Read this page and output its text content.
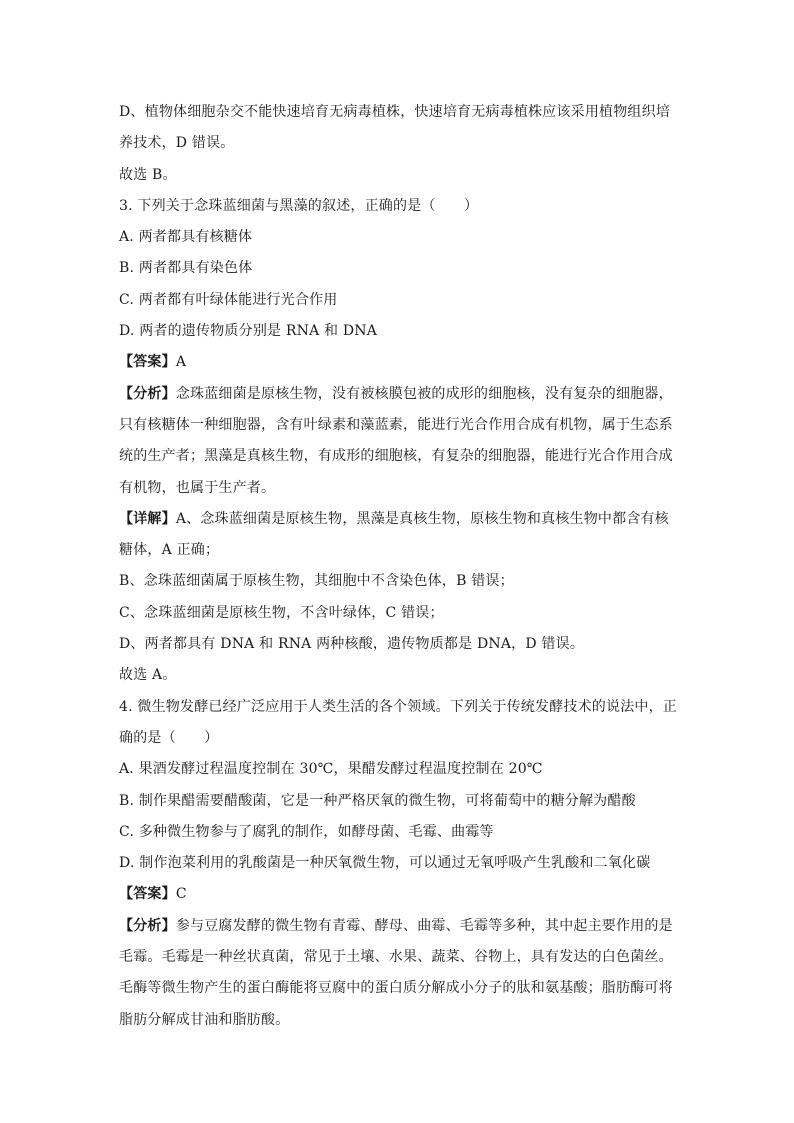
D、植物体细胞杂交不能快速培育无病毒植株，快速培育无病毒植株应该采用植物组织培
养技术，D 错误。
故选 B。
3. 下列关于念珠蓝细菌与黑藻的叙述，正确的是（　　）
A. 两者都具有核糖体
B. 两者都具有染色体
C. 两者都有叶绿体能进行光合作用
D. 两者的遗传物质分别是 RNA 和 DNA
【答案】A
【分析】念珠蓝细菌是原核生物，没有被核膜包被的成形的细胞核，没有复杂的细胞器，
只有核糖体一种细胞器，含有叶绿素和藻蓝素，能进行光合作用合成有机物，属于生态系
统的生产者；黑藻是真核生物，有成形的细胞核，有复杂的细胞器，能进行光合作用合成
有机物，也属于生产者。
【详解】A、念珠蓝细菌是原核生物，黑藻是真核生物，原核生物和真核生物中都含有核
糖体，A 正确；
B、念珠蓝细菌属于原核生物，其细胞中不含染色体，B 错误；
C、念珠蓝细菌是原核生物，不含叶绿体，C 错误；
D、两者都具有 DNA 和 RNA 两种核酸，遗传物质都是 DNA，D 错误。
故选 A。
4. 微生物发酵已经广泛应用于人类生活的各个领域。下列关于传统发酵技术的说法中，正
确的是（　　）
A. 果酒发酵过程温度控制在 30℃，果醋发酵过程温度控制在 20℃
B. 制作果醋需要醋酸菌，它是一种严格厌氧的微生物，可将葡萄中的糖分解为醋酸
C. 多种微生物参与了腐乳的制作，如酵母菌、毛霉、曲霉等
D. 制作泡菜利用的乳酸菌是一种厌氧微生物，可以通过无氧呼吸产生乳酸和二氧化碳
【答案】C
【分析】参与豆腐发酵的微生物有青霉、酵母、曲霉、毛霉等多种，其中起主要作用的是
毛霉。毛霉是一种丝状真菌，常见于土壤、水果、蔬菜、谷物上，具有发达的白色菌丝。
毛酶等微生物产生的蛋白酶能将豆腐中的蛋白质分解成小分子的肽和氨基酸；脂肪酶可将
脂肪分解成甘油和脂肪酸。
